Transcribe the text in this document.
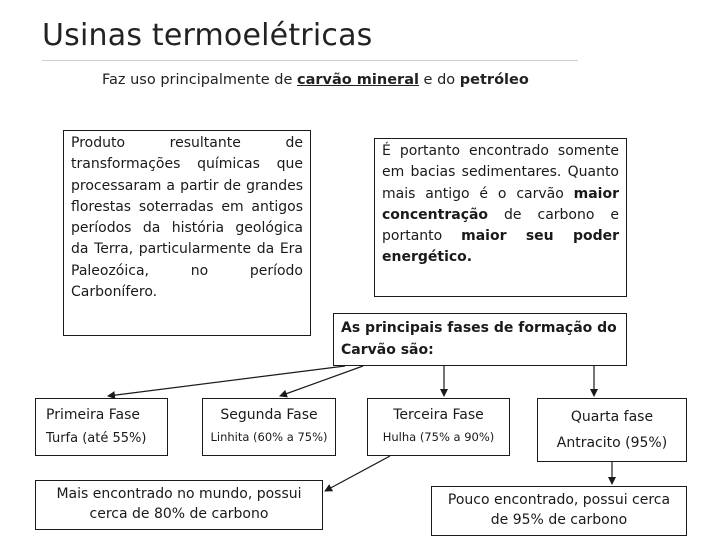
Usinas termoelétricas
Faz uso principalmente de carvão mineral e do petróleo
Produto resultante de transformações químicas que processaram a partir de grandes florestas soterradas em antigos períodos da história geológica da Terra, particularmente da Era Paleozóica, no período Carbonífero.
É portanto encontrado somente em bacias sedimentares. Quanto mais antigo é o carvão maior concentração de carbono e portanto maior seu poder energético.
As principais fases de formação do Carvão são:
Primeira Fase
Turfa (até 55%)
Segunda Fase
Linhita (60% a 75%)
Terceira Fase
Hulha (75% a 90%)
Quarta fase
Antracito (95%)
Mais encontrado no mundo, possui cerca de 80% de carbono
Pouco encontrado, possui cerca de 95% de carbono
